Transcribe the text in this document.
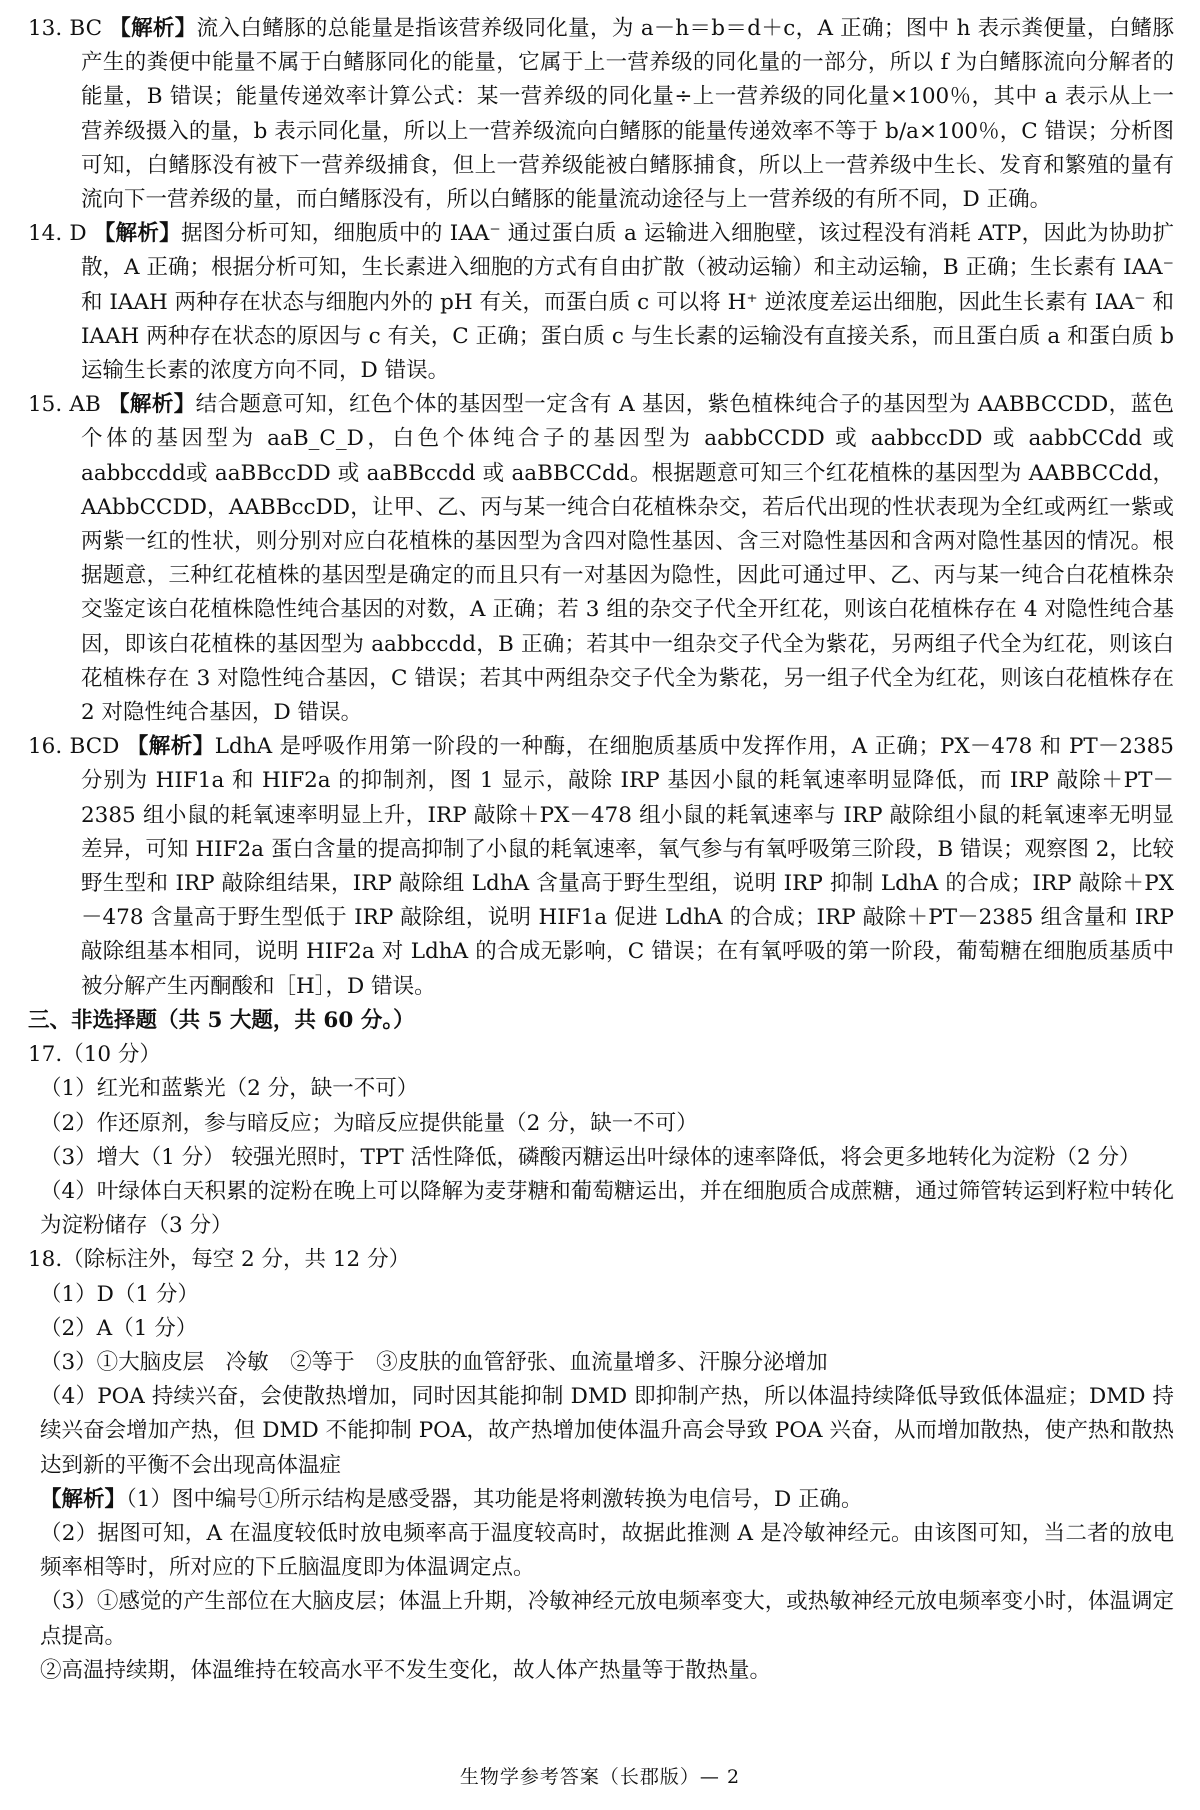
13. BC 【解析】流入白鳍豚的总能量是指该营养级同化量，为 a－h＝b＝d＋c，A 正确；图中 h 表示粪便量，白鳍豚产生的粪便中能量不属于白鳍豚同化的能量，它属于上一营养级的同化量的一部分，所以 f 为白鳍豚流向分解者的能量，B 错误；能量传递效率计算公式：某一营养级的同化量÷上一营养级的同化量×100％，其中 a 表示从上一营养级摄入的量，b 表示同化量，所以上一营养级流向白鳍豚的能量传递效率不等于 b/a×100％，C 错误；分析图可知，白鳍豚没有被下一营养级捕食，但上一营养级能被白鳍豚捕食，所以上一营养级中生长、发育和繁殖的量有流向下一营养级的量，而白鳍豚没有，所以白鳍豚的能量流动途径与上一营养级的有所不同，D 正确。
14. D 【解析】据图分析可知，细胞质中的 IAA⁻ 通过蛋白质 a 运输进入细胞壁，该过程没有消耗 ATP，因此为协助扩散，A 正确；根据分析可知，生长素进入细胞的方式有自由扩散（被动运输）和主动运输，B 正确；生长素有 IAA⁻ 和 IAAH 两种存在状态与细胞内外的 pH 有关，而蛋白质 c 可以将 H⁺ 逆浓度差运出细胞，因此生长素有 IAA⁻ 和 IAAH 两种存在状态的原因与 c 有关，C 正确；蛋白质 c 与生长素的运输没有直接关系，而且蛋白质 a 和蛋白质 b 运输生长素的浓度方向不同，D 错误。
15. AB 【解析】结合题意可知，红色个体的基因型一定含有 A 基因，紫色植株纯合子的基因型为 AABBCCDD，蓝色个体的基因型为 aaB_C_D，白色个体纯合子的基因型为 aabbCCDD 或 aabbccDD 或 aabbCCdd 或 aabbccdd或 aaBBccDD 或 aaBBccdd 或 aaBBCCdd。根据题意可知三个红花植株的基因型为 AABBCCdd，AAbbCCDD，AABBccDD，让甲、乙、丙与某一纯合白花植株杂交，若后代出现的性状表现为全红或两红一紫或两紫一红的性状，则分别对应白花植株的基因型为含四对隐性基因、含三对隐性基因和含两对隐性基因的情况。根据题意，三种红花植株的基因型是确定的而且只有一对基因为隐性，因此可通过甲、乙、丙与某一纯合白花植株杂交鉴定该白花植株隐性纯合基因的对数，A 正确；若 3 组的杂交子代全开红花，则该白花植株存在 4 对隐性纯合基因，即该白花植株的基因型为 aabbccdd，B 正确；若其中一组杂交子代全为紫花，另两组子代全为红花，则该白花植株存在 3 对隐性纯合基因，C 错误；若其中两组杂交子代全为紫花，另一组子代全为红花，则该白花植株存在 2 对隐性纯合基因，D 错误。
16. BCD 【解析】LdhA 是呼吸作用第一阶段的一种酶，在细胞质基质中发挥作用，A 正确；PX－478 和 PT－2385 分别为 HIF1a 和 HIF2a 的抑制剂，图 1 显示，敲除 IRP 基因小鼠的耗氧速率明显降低，而 IRP 敲除＋PT－2385 组小鼠的耗氧速率明显上升，IRP 敲除＋PX－478 组小鼠的耗氧速率与 IRP 敲除组小鼠的耗氧速率无明显差异，可知 HIF2a 蛋白含量的提高抑制了小鼠的耗氧速率，氧气参与有氧呼吸第三阶段，B 错误；观察图 2，比较野生型和 IRP 敲除组结果，IRP 敲除组 LdhA 含量高于野生型组，说明 IRP 抑制 LdhA 的合成；IRP 敲除＋PX－478 含量高于野生型低于 IRP 敲除组，说明 HIF1a 促进 LdhA 的合成；IRP 敲除＋PT－2385 组含量和 IRP 敲除组基本相同，说明 HIF2a 对 LdhA 的合成无影响，C 错误；在有氧呼吸的第一阶段，葡萄糖在细胞质基质中被分解产生丙酮酸和［H］，D 错误。
三、非选择题（共 5 大题，共 60 分。）
17.（10 分）
（1）红光和蓝紫光（2 分，缺一不可）
（2）作还原剂，参与暗反应；为暗反应提供能量（2 分，缺一不可）
（3）增大（1 分） 较强光照时，TPT 活性降低，磷酸丙糖运出叶绿体的速率降低，将会更多地转化为淀粉（2 分）
（4）叶绿体白天积累的淀粉在晚上可以降解为麦芽糖和葡萄糖运出，并在细胞质合成蔗糖，通过筛管转运到籽粒中转化为淀粉储存（3 分）
18.（除标注外，每空 2 分，共 12 分）
（1）D（1 分）
（2）A（1 分）
（3）①大脑皮层　冷敏　②等于　③皮肤的血管舒张、血流量增多、汗腺分泌增加
（4）POA 持续兴奋，会使散热增加，同时因其能抑制 DMD 即抑制产热，所以体温持续降低导致低体温症；DMD 持续兴奋会增加产热，但 DMD 不能抑制 POA，故产热增加使体温升高会导致 POA 兴奋，从而增加散热，使产热和散热达到新的平衡不会出现高体温症
【解析】（1）图中编号①所示结构是感受器，其功能是将刺激转换为电信号，D 正确。
（2）据图可知，A 在温度较低时放电频率高于温度较高时，故据此推测 A 是冷敏神经元。由该图可知，当二者的放电频率相等时，所对应的下丘脑温度即为体温调定点。
（3）①感觉的产生部位在大脑皮层；体温上升期，冷敏神经元放电频率变大，或热敏神经元放电频率变小时，体温调定点提高。
②高温持续期，体温维持在较高水平不发生变化，故人体产热量等于散热量。
生物学参考答案（长郡版）— 2
